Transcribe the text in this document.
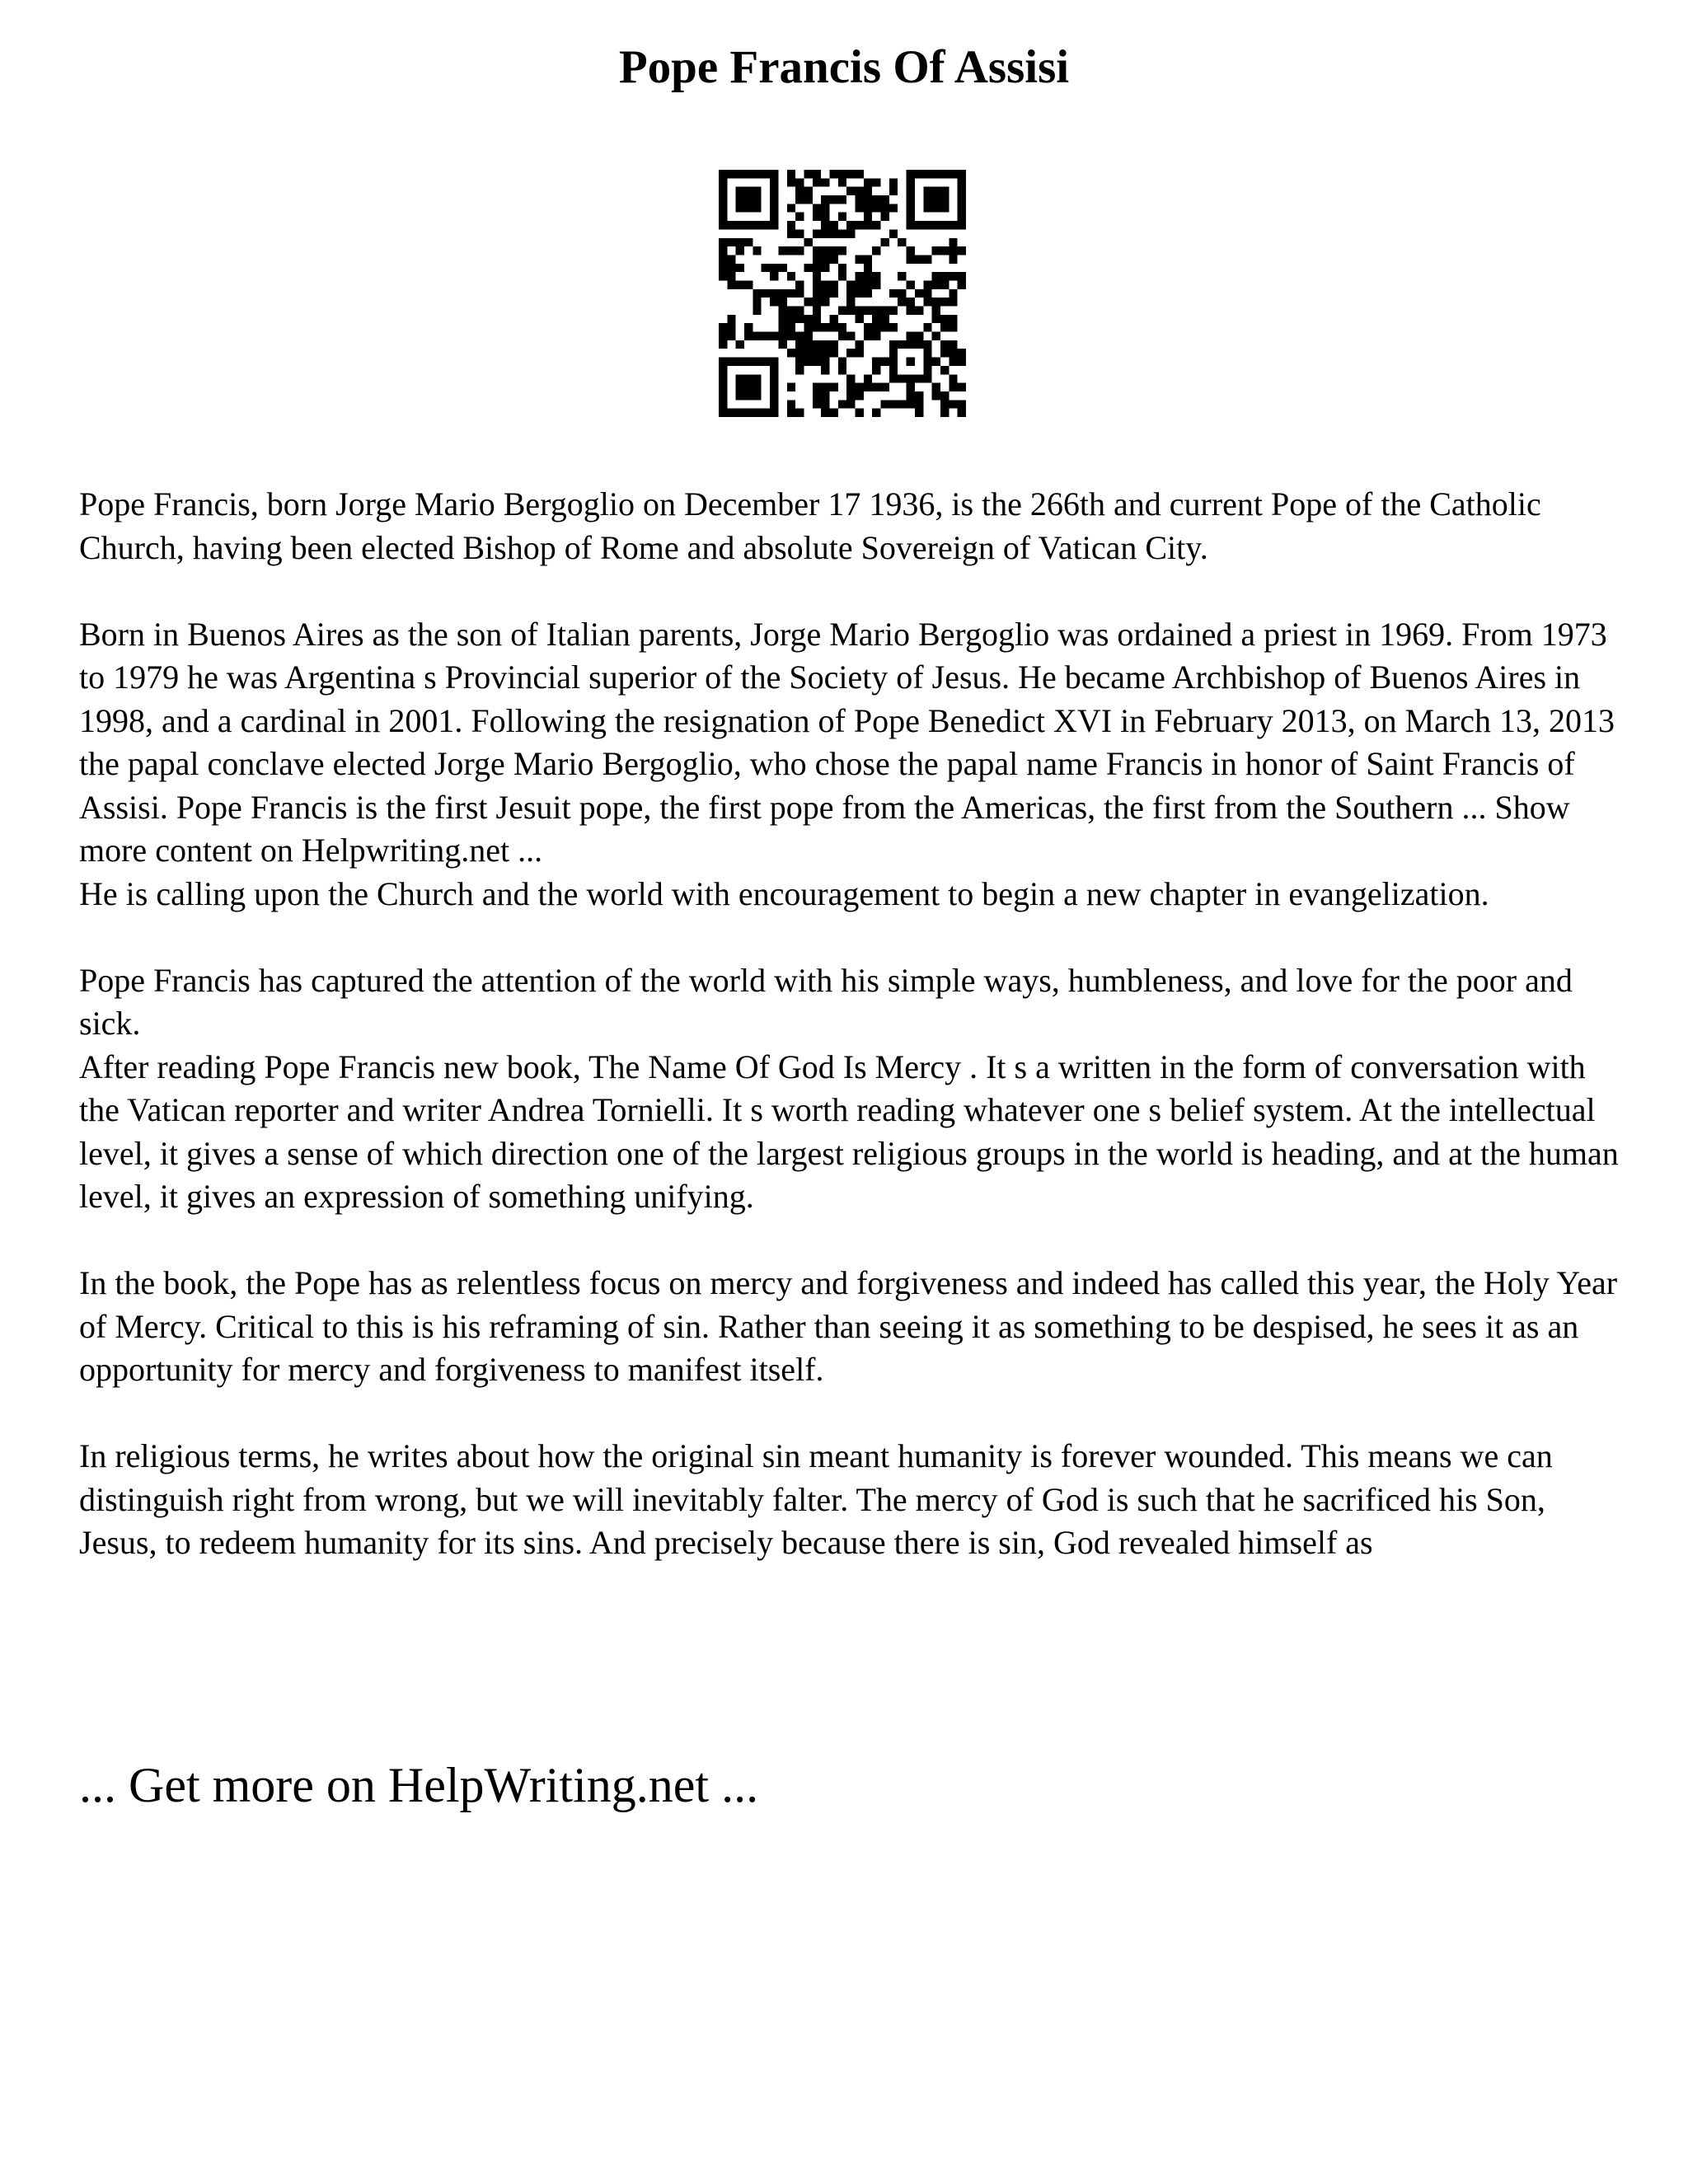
Pope Francis Of Assisi

Pope Francis, born Jorge Mario Bergoglio on December 17 1936, is the 266th and current Pope of the Catholic Church, having been elected Bishop of Rome and absolute Sovereign of Vatican City.

Born in Buenos Aires as the son of Italian parents, Jorge Mario Bergoglio was ordained a priest in 1969. From 1973 to 1979 he was Argentina s Provincial superior of the Society of Jesus. He became Archbishop of Buenos Aires in 1998, and a cardinal in 2001. Following the resignation of Pope Benedict XVI in February 2013, on March 13, 2013 the papal conclave elected Jorge Mario Bergoglio, who chose the papal name Francis in honor of Saint Francis of Assisi. Pope Francis is the first Jesuit pope, the first pope from the Americas, the first from the Southern ... Show more content on Helpwriting.net ...

He is calling upon the Church and the world with encouragement to begin a new chapter in evangelization.

Pope Francis has captured the attention of the world with his simple ways, humbleness, and love for the poor and sick.

After reading Pope Francis new book, The Name Of God Is Mercy . It s a written in the form of conversation with the Vatican reporter and writer Andrea Tornielli. It s worth reading whatever one s belief system. At the intellectual level, it gives a sense of which direction one of the largest religious groups in the world is heading, and at the human level, it gives an expression of something unifying.

In the book, the Pope has as relentless focus on mercy and forgiveness and indeed has called this year, the Holy Year of Mercy. Critical to this is his reframing of sin. Rather than seeing it as something to be despised, he sees it as an opportunity for mercy and forgiveness to manifest itself.

In religious terms, he writes about how the original sin meant humanity is forever wounded. This means we can distinguish right from wrong, but we will inevitably falter. The mercy of God is such that he sacrificed his Son, Jesus, to redeem humanity for its sins. And precisely because there is sin, God revealed himself as

... Get more on HelpWriting.net ...
